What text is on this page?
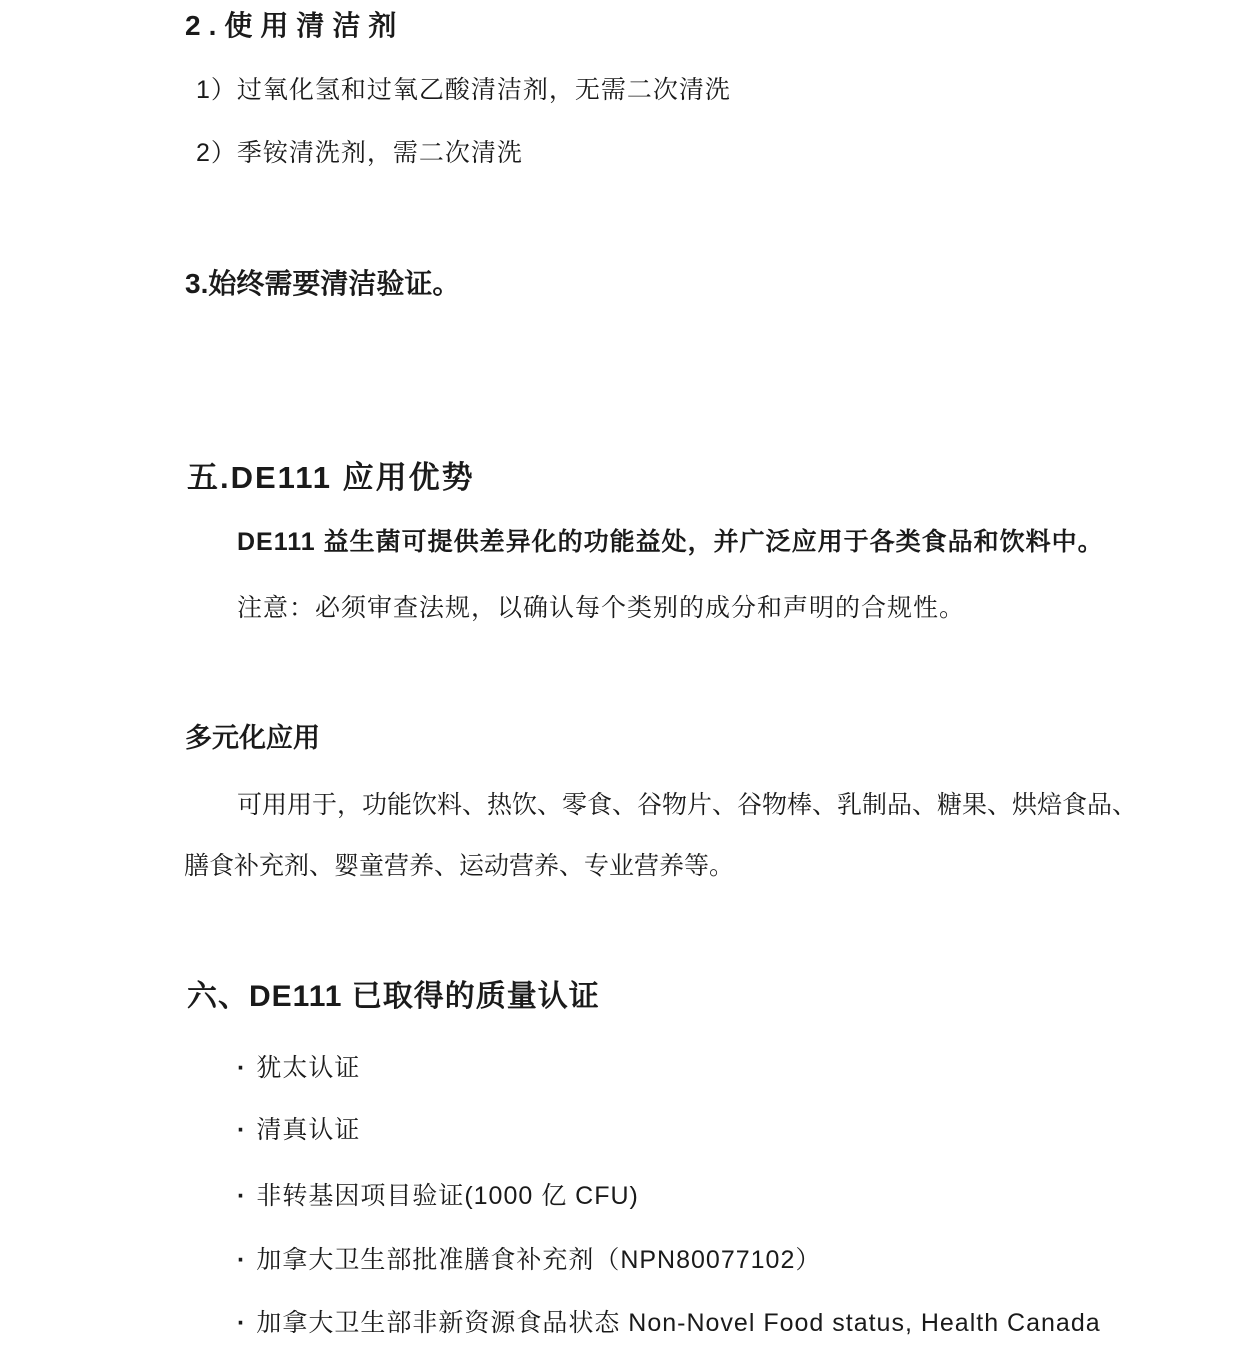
2.使用清洁剂
1）过氧化氢和过氧乙酸清洁剂，无需二次清洗
2）季铵清洗剂，需二次清洗
3.始终需要清洁验证。
五.DE111 应用优势
DE111 益生菌可提供差异化的功能益处，并广泛应用于各类食品和饮料中。
注意：必须审查法规，以确认每个类别的成分和声明的合规性。
多元化应用
可用用于，功能饮料、热饮、零食、谷物片、谷物棒、乳制品、糖果、烘焙食品、
膳食补充剂、婴童营养、运动营养、专业营养等。
六、DE111 已取得的质量认证
· 犹太认证
· 清真认证
· 非转基因项目验证(1000 亿 CFU)
· 加拿大卫生部批准膳食补充剂（NPN80077102）
· 加拿大卫生部非新资源食品状态 Non-Novel Food status, Health Canada
